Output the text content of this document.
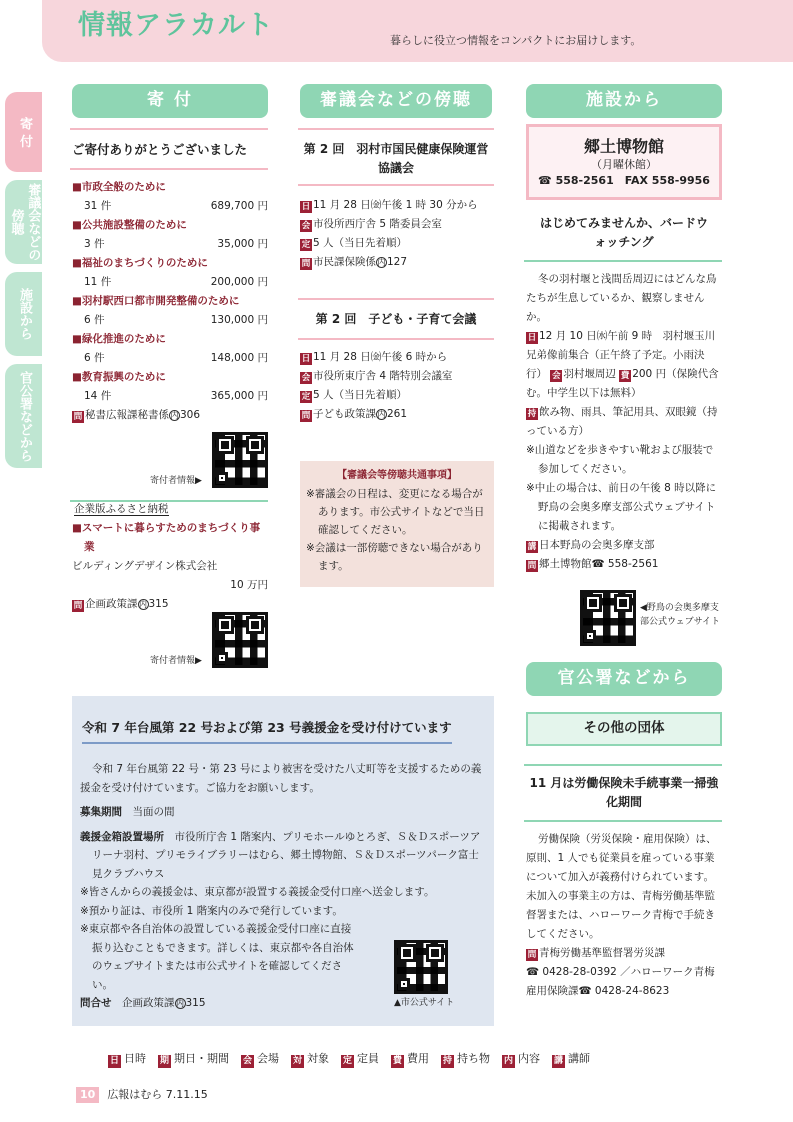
情報アラカルト	暮らしに役立つ情報をコンパクトにお届けします。
寄 付
審議会などの傍聴
施設から
官公署などから
寄 付
ご寄付ありがとうございました
■市政全般のために
31 件	689,700 円
■公共施設整備のために
3 件	35,000 円
■福祉のまちづくりのために
11 件	200,000 円
■羽村駅西口都市開発整備のために
6 件	130,000 円
■緑化推進のために
6 件	148,000 円
■教育振興のために
14 件	365,000 円
問 秘書広報課秘書係 内 306
寄付者情報▶
企業版ふるさと納税
■スマートに暮らすためのまちづくり事業
ビルディングデザイン株式会社
10 万円
問 企画政策課 内 315
寄付者情報▶
審議会などの傍聴
第 2 回　羽村市国民健康保険運営協議会
日 11 月 28 日㈮午後 1 時 30 分から
会 市役所西庁舎 5 階委員会室
定 5 人（当日先着順）
問 市民課保険係 内 127
第 2 回　子ども・子育て会議
日 11 月 28 日㈮午後 6 時から
会 市役所東庁舎 4 階特別会議室
定 5 人（当日先着順）
問 子ども政策課 内 261
【審議会等傍聴共通事項】
※審議会の日程は、変更になる場合があります。市公式サイトなどで当日確認してください。
※会議は一部傍聴できない場合があります。
施設から
郷土博物館
（月曜休館）
☎ 558-2561　FAX 558-9956
はじめてみませんか、バードウォッチング
冬の羽村堰と浅間岳周辺にはどんな鳥たちが生息しているか、観察しませんか。
日 12 月 10 日㈬午前 9 時　羽村堰玉川兄弟像前集合（正午終了予定。小雨決行） 会 羽村堰周辺 費 200 円（保険代含む。中学生以下は無料）
持 飲み物、雨具、筆記用具、双眼鏡（持っている方）
※山道などを歩きやすい靴および服装で参加してください。
※中止の場合は、前日の午後 8 時以降に野鳥の会奥多摩支部公式ウェブサイトに掲載されます。
講 日本野鳥の会奥多摩支部
問 郷土博物館☎ 558-2561
◀野鳥の会奥多摩支部公式ウェブサイト
官公署などから
その他の団体
11 月は労働保険未手続事業一掃強化期間
労働保険（労災保険・雇用保険）は、原則、1 人でも従業員を雇っている事業について加入が義務付けられています。未加入の事業主の方は、青梅労働基準監督署または、ハローワーク青梅で手続きしてください。
問 青梅労働基準監督署労災課
☎ 0428-28-0392 ／ハローワーク青梅雇用保険課☎ 0428-24-8623
令和 7 年台風第 22 号および第 23 号義援金を受け付けています
令和 7 年台風第 22 号・第 23 号により被害を受けた八丈町等を支援するための義援金を受け付けています。ご協力をお願いします。
募集期間　 当面の間
義援金箱設置場所　 市役所庁舎 1 階案内、プリモホールゆとろぎ、Ｓ＆Ｄスポーツアリーナ羽村、プリモライブラリーはむら、郷土博物館、Ｓ＆Ｄスポーツパーク富士見クラブハウス
※皆さんからの義援金は、東京都が設置する義援金受付口座へ送金します。
※預かり証は、市役所 1 階案内のみで発行しています。
※東京都や各自治体の設置している義援金受付口座に直接振り込むこともできます。詳しくは、東京都や各自治体のウェブサイトまたは市公式サイトを確認してください。
問合せ　 企画政策課 内 315	▲市公式サイト
日 日時 期 期日・期間 会 会場 対 対象 定 定員 費 費用 持 持ち物 内 内容 講 講師
10	広報はむら 7.11.15
